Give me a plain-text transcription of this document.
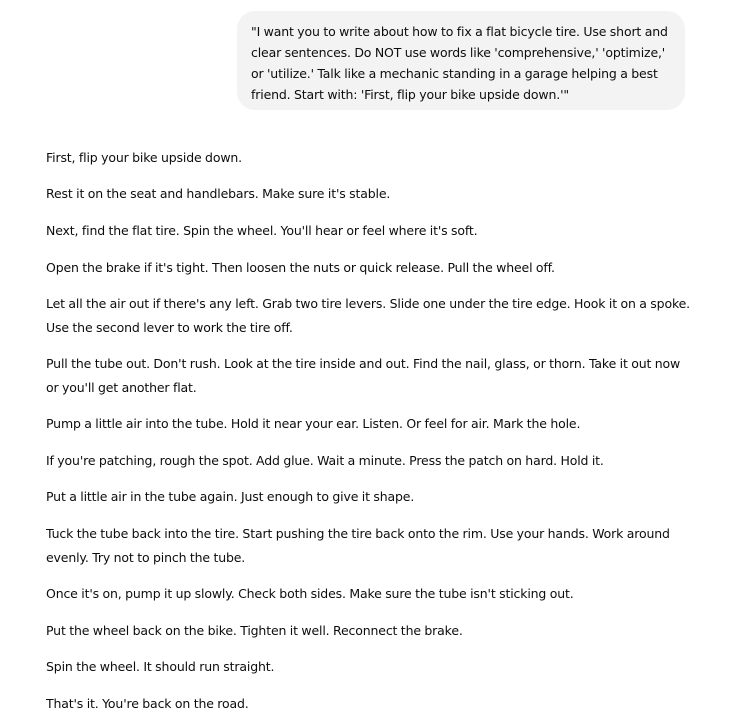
"I want you to write about how to fix a flat bicycle tire. Use short and clear sentences. Do NOT use words like 'comprehensive,' 'optimize,' or 'utilize.' Talk like a mechanic standing in a garage helping a best friend. Start with: 'First, flip your bike upside down.'"

First, flip your bike upside down.

Rest it on the seat and handlebars. Make sure it's stable.

Next, find the flat tire. Spin the wheel. You'll hear or feel where it's soft.

Open the brake if it's tight. Then loosen the nuts or quick release. Pull the wheel off.

Let all the air out if there's any left. Grab two tire levers. Slide one under the tire edge. Hook it on a spoke. Use the second lever to work the tire off.

Pull the tube out. Don't rush. Look at the tire inside and out. Find the nail, glass, or thorn. Take it out now or you'll get another flat.

Pump a little air into the tube. Hold it near your ear. Listen. Or feel for air. Mark the hole.

If you're patching, rough the spot. Add glue. Wait a minute. Press the patch on hard. Hold it.

Put a little air in the tube again. Just enough to give it shape.

Tuck the tube back into the tire. Start pushing the tire back onto the rim. Use your hands. Work around evenly. Try not to pinch the tube.

Once it's on, pump it up slowly. Check both sides. Make sure the tube isn't sticking out.

Put the wheel back on the bike. Tighten it well. Reconnect the brake.

Spin the wheel. It should run straight.

That's it. You're back on the road.
